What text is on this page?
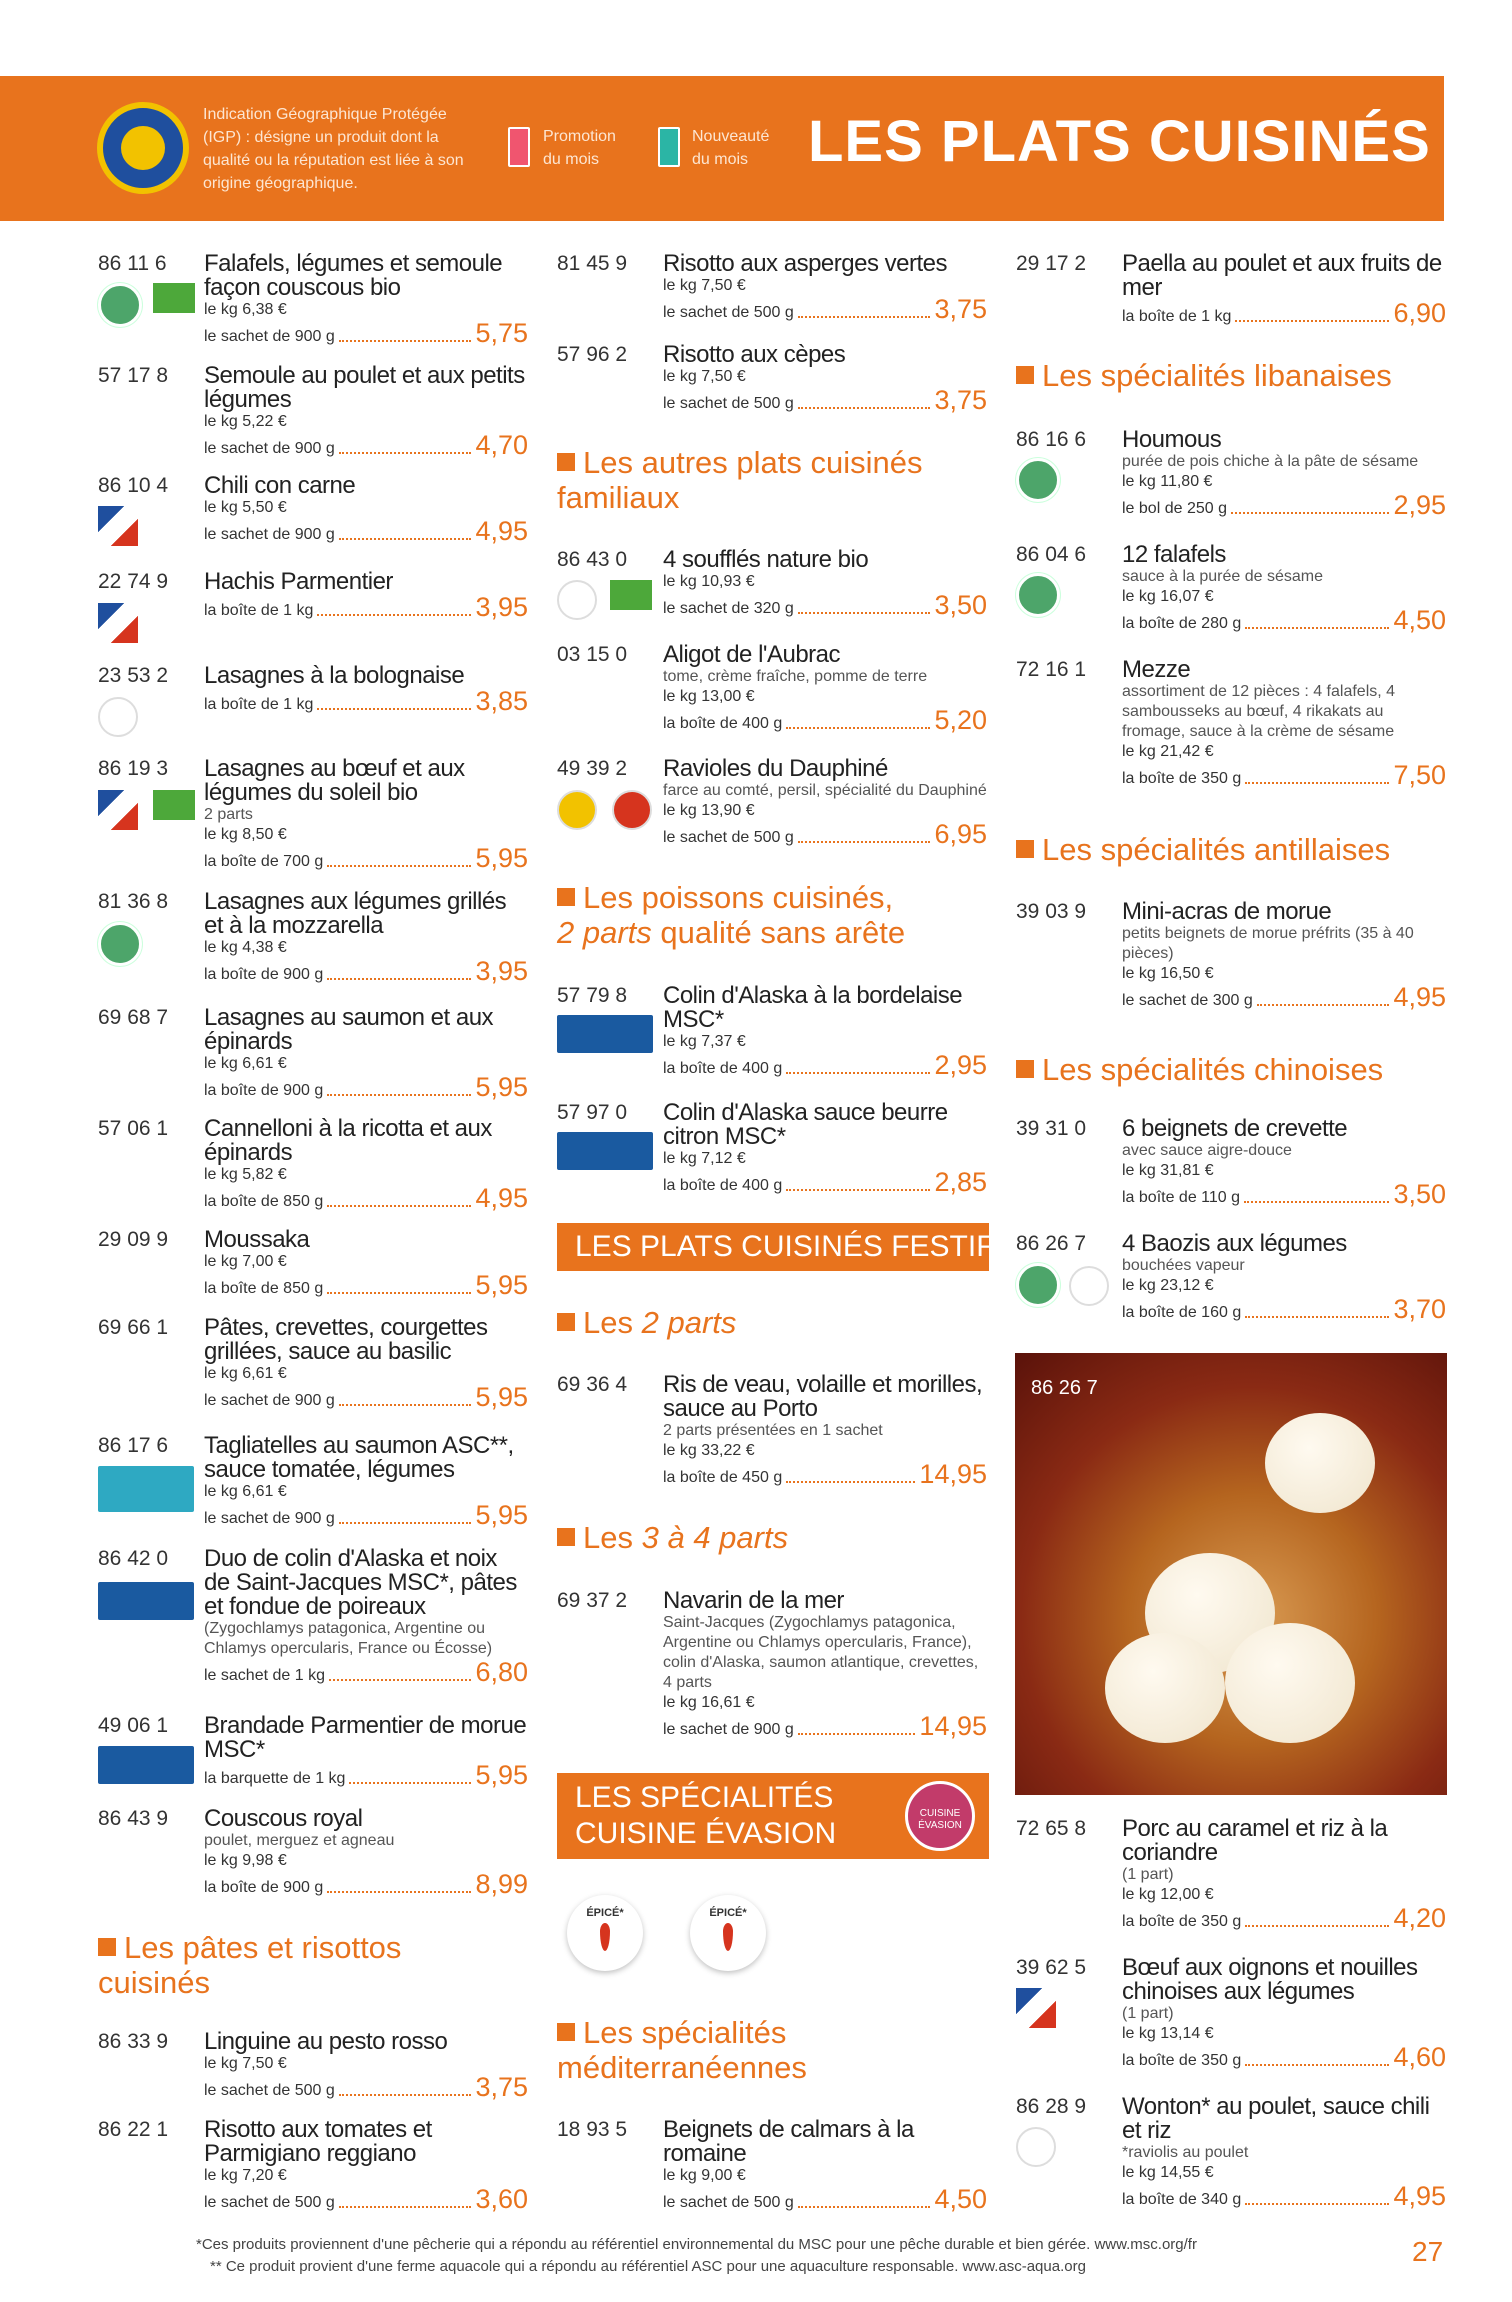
Indication Géographique Protégée (IGP) : désigne un produit dont la qualité ou la réputation est liée à son origine géographique.
Promotion du mois
Nouveauté du mois	LES PLATS CUISINÉS
86 11 6 Falafels, légumes et semoule façon couscous bio
le kg 6,38 €
le sachet de 900 g	5,75
57 17 8 Semoule au poulet et aux petits légumes
le kg 5,22 €
le sachet de 900 g	4,70
86 10 4 Chili con carne
le kg 5,50 €
le sachet de 900 g	4,95
22 74 9 Hachis Parmentier
la boîte de 1 kg	3,95
23 53 2 Lasagnes à la bolognaise
la boîte de 1 kg	3,85
86 19 3 Lasagnes au bœuf et aux légumes du soleil bio
2 parts
le kg 8,50 €
la boîte de 700 g	5,95
81 36 8 Lasagnes aux légumes grillés et à la mozzarella
le kg 4,38 €
la boîte de 900 g	3,95
69 68 7 Lasagnes au saumon et aux épinards
le kg 6,61 €
la boîte de 900 g	5,95
57 06 1 Cannelloni à la ricotta et aux épinards
le kg 5,82 €
la boîte de 850 g	4,95
29 09 9 Moussaka
le kg 7,00 €
la boîte de 850 g	5,95
69 66 1 Pâtes, crevettes, courgettes grillées, sauce au basilic
le kg 6,61 €
le sachet de 900 g	5,95
86 17 6 Tagliatelles au saumon ASC**, sauce tomatée, légumes
le kg 6,61 €
le sachet de 900 g	5,95
86 42 0 Duo de colin d'Alaska et noix de Saint-Jacques MSC*, pâtes et fondue de poireaux
(Zygochlamys patagonica, Argentine ou Chlamys opercularis, France ou Écosse)
le sachet de 1 kg	6,80
49 06 1 Brandade Parmentier de morue MSC*
la barquette de 1 kg	5,95
86 43 9 Couscous royal
poulet, merguez et agneau
le kg 9,98 €
la boîte de 900 g	8,99
86 33 9 Linguine au pesto rosso
le kg 7,50 €
le sachet de 500 g	3,75
86 22 1 Risotto aux tomates et Parmigiano reggiano
le kg 7,20 €
le sachet de 500 g	3,60
81 45 9 Risotto aux asperges vertes
le kg 7,50 €
le sachet de 500 g	3,75
57 96 2 Risotto aux cèpes
le kg 7,50 €
le sachet de 500 g	3,75
86 43 0 4 soufflés nature bio
le kg 10,93 €
le sachet de 320 g	3,50
03 15 0 Aligot de l'Aubrac
tome, crème fraîche, pomme de terre
le kg 13,00 €
la boîte de 400 g	5,20
49 39 2 Ravioles du Dauphiné
farce au comté, persil, spécialité du Dauphiné
le kg 13,90 €
le sachet de 500 g	6,95
57 79 8 Colin d'Alaska à la bordelaise MSC*
le kg 7,37 €
la boîte de 400 g	2,95
57 97 0 Colin d'Alaska sauce beurre citron MSC*
le kg 7,12 €
la boîte de 400 g	2,85
69 36 4 Ris de veau, volaille et morilles, sauce au Porto
2 parts présentées en 1 sachet
le kg 33,22 €
la boîte de 450 g	14,95
69 37 2 Navarin de la mer
Saint-Jacques (Zygochlamys patagonica, Argentine ou Chlamys opercularis, France), colin d'Alaska, saumon atlantique, crevettes, 4 parts
le kg 16,61 €
le sachet de 900 g	14,95
18 93 5 Beignets de calmars à la romaine
le kg 9,00 €
le sachet de 500 g	4,50
29 17 2 Paella au poulet et aux fruits de mer
la boîte de 1 kg	6,90
86 16 6 Houmous
purée de pois chiche à la pâte de sésame
le kg 11,80 €
le bol de 250 g	2,95
86 04 6 12 falafels
sauce à la purée de sésame
le kg 16,07 €
la boîte de 280 g	4,50
72 16 1 Mezze
assortiment de 12 pièces : 4 falafels, 4 sambousseks au bœuf, 4 rikakats au fromage, sauce à la crème de sésame
le kg 21,42 €
la boîte de 350 g	7,50
39 03 9 Mini-acras de morue
petits beignets de morue préfrits (35 à 40 pièces)
le kg 16,50 €
le sachet de 300 g	4,95
39 31 0 6 beignets de crevette
avec sauce aigre-douce
le kg 31,81 €
la boîte de 110 g	3,50
86 26 7 4 Baozis aux légumes
bouchées vapeur
le kg 23,12 €
la boîte de 160 g	3,70
72 65 8 Porc au caramel et riz à la coriandre
(1 part)
le kg 12,00 €
la boîte de 350 g	4,20
39 62 5 Bœuf aux oignons et nouilles chinoises aux légumes
(1 part)
le kg 13,14 €
la boîte de 350 g	4,60
86 28 9 Wonton* au poulet, sauce chili et riz
*raviolis au poulet
le kg 14,55 €
la boîte de 340 g	4,95
Les pâtes et risottos cuisinés
Les autres plats cuisinés familiaux
Les poissons cuisinés,
2 parts qualité sans arête
Les 2 parts
Les 3 à 4 parts
Les spécialités méditerranéennes
Les spécialités libanaises
Les spécialités antillaises
Les spécialités chinoises
LES PLATS CUISINÉS FESTIFS
LES SPÉCIALITÉS
CUISINE ÉVASION
CUISINE ÉVASION
ÉPICÉ*	ÉPICÉ*
86 26 7
*Ces produits proviennent d'une pêcherie qui a répondu au référentiel environnemental du MSC pour une pêche durable et bien gérée. www.msc.org/fr
** Ce produit provient d'une ferme aquacole qui a répondu au référentiel ASC pour une aquaculture responsable. www.asc-aqua.org	27
